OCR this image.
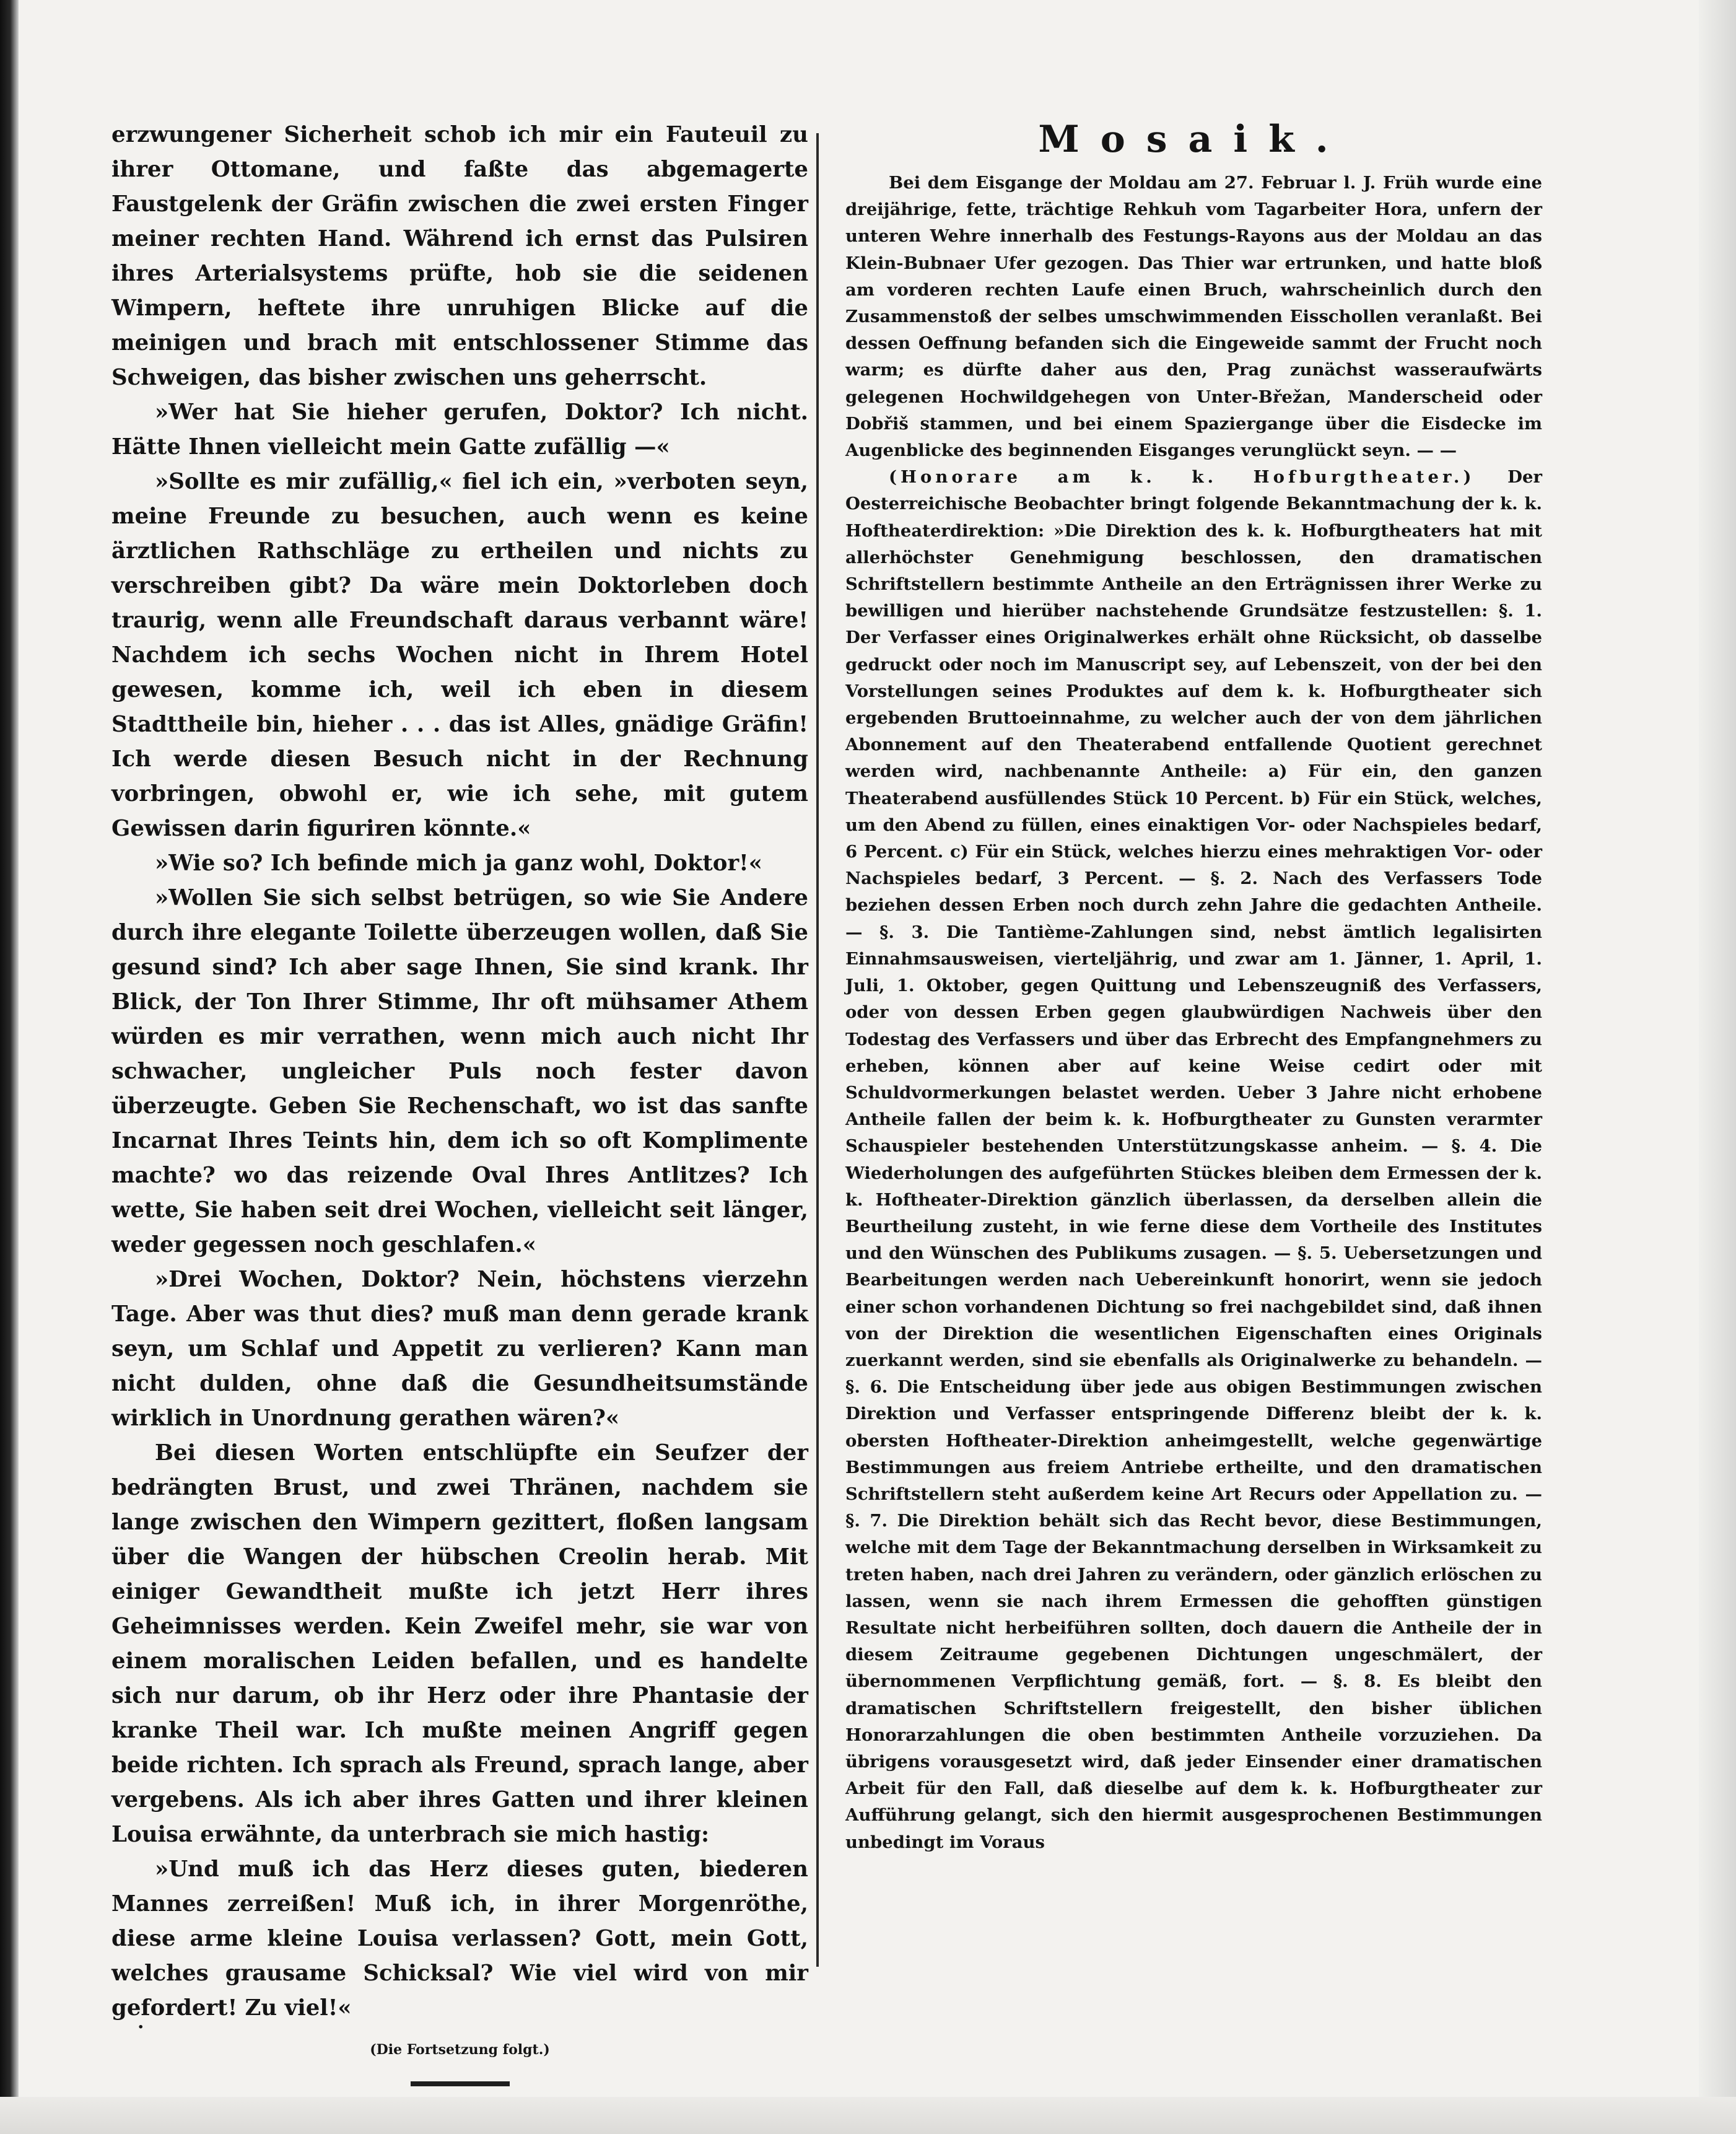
erzwungener Sicherheit schob ich mir ein Fauteuil zu ihrer Ottomane, und faßte das abgemagerte Faustgelenk der Gräfin zwischen die zwei ersten Finger meiner rechten Hand. Während ich ernst das Pulsiren ihres Arterialsystems prüfte, hob sie die seidenen Wimpern, heftete ihre unruhigen Blicke auf die meinigen und brach mit entschlossener Stimme das Schweigen, das bisher zwischen uns geherrscht.

»Wer hat Sie hieher gerufen, Doktor? Ich nicht. Hätte Ihnen vielleicht mein Gatte zufällig —«

»Sollte es mir zufällig,« fiel ich ein, »verboten seyn, meine Freunde zu besuchen, auch wenn es keine ärztlichen Rathschläge zu ertheilen und nichts zu verschreiben gibt? Da wäre mein Doktorleben doch traurig, wenn alle Freundschaft daraus verbannt wäre! Nachdem ich sechs Wochen nicht in Ihrem Hotel gewesen, komme ich, weil ich eben in diesem Stadttheile bin, hieher . . . das ist Alles, gnädige Gräfin! Ich werde diesen Besuch nicht in der Rechnung vorbringen, obwohl er, wie ich sehe, mit gutem Gewissen darin figuriren könnte.«

»Wie so? Ich befinde mich ja ganz wohl, Doktor!«

»Wollen Sie sich selbst betrügen, so wie Sie Andere durch ihre elegante Toilette überzeugen wollen, daß Sie gesund sind? Ich aber sage Ihnen, Sie sind krank. Ihr Blick, der Ton Ihrer Stimme, Ihr oft mühsamer Athem würden es mir verrathen, wenn mich auch nicht Ihr schwacher, ungleicher Puls noch fester davon überzeugte. Geben Sie Rechenschaft, wo ist das sanfte Incarnat Ihres Teints hin, dem ich so oft Komplimente machte? wo das reizende Oval Ihres Antlitzes? Ich wette, Sie haben seit drei Wochen, vielleicht seit länger, weder gegessen noch geschlafen.«

»Drei Wochen, Doktor? Nein, höchstens vierzehn Tage. Aber was thut dies? muß man denn gerade krank seyn, um Schlaf und Appetit zu verlieren? Kann man nicht dulden, ohne daß die Gesundheitsumstände wirklich in Unordnung gerathen wären?«

Bei diesen Worten entschlüpfte ein Seufzer der bedrängten Brust, und zwei Thränen, nachdem sie lange zwischen den Wimpern gezittert, floßen langsam über die Wangen der hübschen Creolin herab. Mit einiger Gewandtheit mußte ich jetzt Herr ihres Geheimnisses werden. Kein Zweifel mehr, sie war von einem moralischen Leiden befallen, und es handelte sich nur darum, ob ihr Herz oder ihre Phantasie der kranke Theil war. Ich mußte meinen Angriff gegen beide richten. Ich sprach als Freund, sprach lange, aber vergebens. Als ich aber ihres Gatten und ihrer kleinen Louisa erwähnte, da unterbrach sie mich hastig:

»Und muß ich das Herz dieses guten, biederen Mannes zerreißen! Muß ich, in ihrer Morgenröthe, diese arme kleine Louisa verlassen? Gott, mein Gott, welches grausame Schicksal? Wie viel wird von mir gefordert! Zu viel!«

(Die Fortsetzung folgt.)
Mosaik.

Bei dem Eisgange der Moldau am 27. Februar l. J. Früh wurde eine dreijährige, fette, trächtige Rehkuh vom Tagarbeiter Hora, unfern der unteren Wehre innerhalb des Festungs-Rayons aus der Moldau an das Klein-Bubnaer Ufer gezogen. Das Thier war ertrunken, und hatte bloß am vorderen rechten Laufe einen Bruch, wahrscheinlich durch den Zusammenstoß der selbes umschwimmenden Eisschollen veranlaßt. Bei dessen Oeffnung befanden sich die Eingeweide sammt der Frucht noch warm; es dürfte daher aus den, Prag zunächst wasseraufwärts gelegenen Hochwildgehegen von Unter-Břežan, Manderscheid oder Dobřiš stammen, und bei einem Spaziergange über die Eisdecke im Augenblicke des beginnenden Eisganges verunglückt seyn. — —

(Honorare am k. k. Hofburgtheater.) Der Oesterreichische Beobachter bringt folgende Bekanntmachung der k. k. Hoftheaterdirektion: »Die Direktion des k. k. Hofburgtheaters hat mit allerhöchster Genehmigung beschlossen, den dramatischen Schriftstellern bestimmte Antheile an den Erträgnissen ihrer Werke zu bewilligen und hierüber nachstehende Grundsätze festzustellen: §. 1. Der Verfasser eines Originalwerkes erhält ohne Rücksicht, ob dasselbe gedruckt oder noch im Manuscript sey, auf Lebenszeit, von der bei den Vorstellungen seines Produktes auf dem k. k. Hofburgtheater sich ergebenden Bruttoeinnahme, zu welcher auch der von dem jährlichen Abonnement auf den Theaterabend entfallende Quotient gerechnet werden wird, nachbenannte Antheile: a) Für ein, den ganzen Theaterabend ausfüllendes Stück 10 Percent. b) Für ein Stück, welches, um den Abend zu füllen, eines einaktigen Vor- oder Nachspieles bedarf, 6 Percent. c) Für ein Stück, welches hierzu eines mehraktigen Vor- oder Nachspieles bedarf, 3 Percent. — §. 2. Nach des Verfassers Tode beziehen dessen Erben noch durch zehn Jahre die gedachten Antheile. — §. 3. Die Tantième-Zahlungen sind, nebst ämtlich legalisirten Einnahmsausweisen, vierteljährig, und zwar am 1. Jänner, 1. April, 1. Juli, 1. Oktober, gegen Quittung und Lebenszeugniß des Verfassers, oder von dessen Erben gegen glaubwürdigen Nachweis über den Todestag des Verfassers und über das Erbrecht des Empfangnehmers zu erheben, können aber auf keine Weise cedirt oder mit Schuldvormerkungen belastet werden. Ueber 3 Jahre nicht erhobene Antheile fallen der beim k. k. Hofburgtheater zu Gunsten verarmter Schauspieler bestehenden Unterstützungskasse anheim. — §. 4. Die Wiederholungen des aufgeführten Stückes bleiben dem Ermessen der k. k. Hoftheater-Direktion gänzlich überlassen, da derselben allein die Beurtheilung zusteht, in wie ferne diese dem Vortheile des Institutes und den Wünschen des Publikums zusagen. — §. 5. Uebersetzungen und Bearbeitungen werden nach Uebereinkunft honorirt, wenn sie jedoch einer schon vorhandenen Dichtung so frei nachgebildet sind, daß ihnen von der Direktion die wesentlichen Eigenschaften eines Originals zuerkannt werden, sind sie ebenfalls als Originalwerke zu behandeln. — §. 6. Die Entscheidung über jede aus obigen Bestimmungen zwischen Direktion und Verfasser entspringende Differenz bleibt der k. k. obersten Hoftheater-Direktion anheimgestellt, welche gegenwärtige Bestimmungen aus freiem Antriebe ertheilte, und den dramatischen Schriftstellern steht außerdem keine Art Recurs oder Appellation zu. — §. 7. Die Direktion behält sich das Recht bevor, diese Bestimmungen, welche mit dem Tage der Bekanntmachung derselben in Wirksamkeit zu treten haben, nach drei Jahren zu verändern, oder gänzlich erlöschen zu lassen, wenn sie nach ihrem Ermessen die gehofften günstigen Resultate nicht herbeiführen sollten, doch dauern die Antheile der in diesem Zeitraume gegebenen Dichtungen ungeschmälert, der übernommenen Verpflichtung gemäß, fort. — §. 8. Es bleibt den dramatischen Schriftstellern freigestellt, den bisher üblichen Honorarzahlungen die oben bestimmten Antheile vorzuziehen. Da übrigens vorausgesetzt wird, daß jeder Einsender einer dramatischen Arbeit für den Fall, daß dieselbe auf dem k. k. Hofburgtheater zur Aufführung gelangt, sich den hiermit ausgesprochenen Bestimmungen unbedingt im Voraus

·
